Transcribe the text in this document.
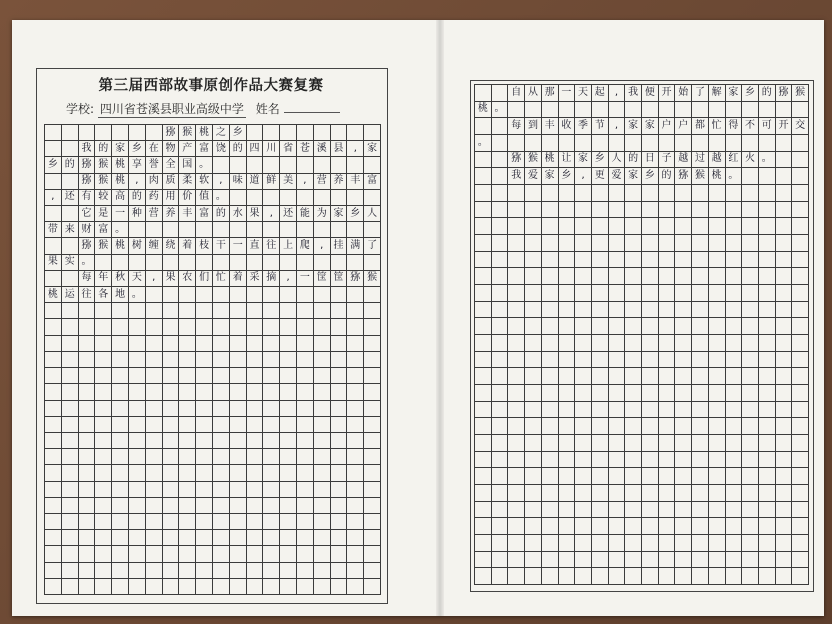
第三届西部故事原创作品大赛复赛
学校: 四川省苍溪县职业高级中学 姓名
猕 猴 桃 之 乡
我 的 家 乡 在 物 产 富 饶 的 四 川 省 苍 溪 县	,	家
乡 的 猕 猴 桃 享 誉 全 国 。
猕 猴 桃	,	肉 质 柔 软	,	味 道 鲜 美	,	营 养 丰 富
,	还 有 较 高 的 药 用 价 值 。
它 是 一 种 营 养 丰 富 的 水 果	,	还 能 为 家 乡 人
带 来 财 富 。
猕 猴 桃 树 缠 绕 着 枝 干 一 直 往 上 爬	,	挂 满 了
果 实 。
每 年 秋 天	,	果 农 们 忙 着 采 摘	,	一 筐 筐 猕 猴
桃 运 往 各 地 。
自 从 那 一 天 起	,	我 便 开 始 了 解 家 乡 的 猕 猴
桃 。
每 到 丰 收 季 节	,	家 家 户 户 都 忙 得 不 可 开 交
。
猕 猴 桃 让 家 乡 人 的 日 子 越 过 越 红 火 。
我 爱 家 乡	,	更 爱 家 乡 的 猕 猴 桃 。
